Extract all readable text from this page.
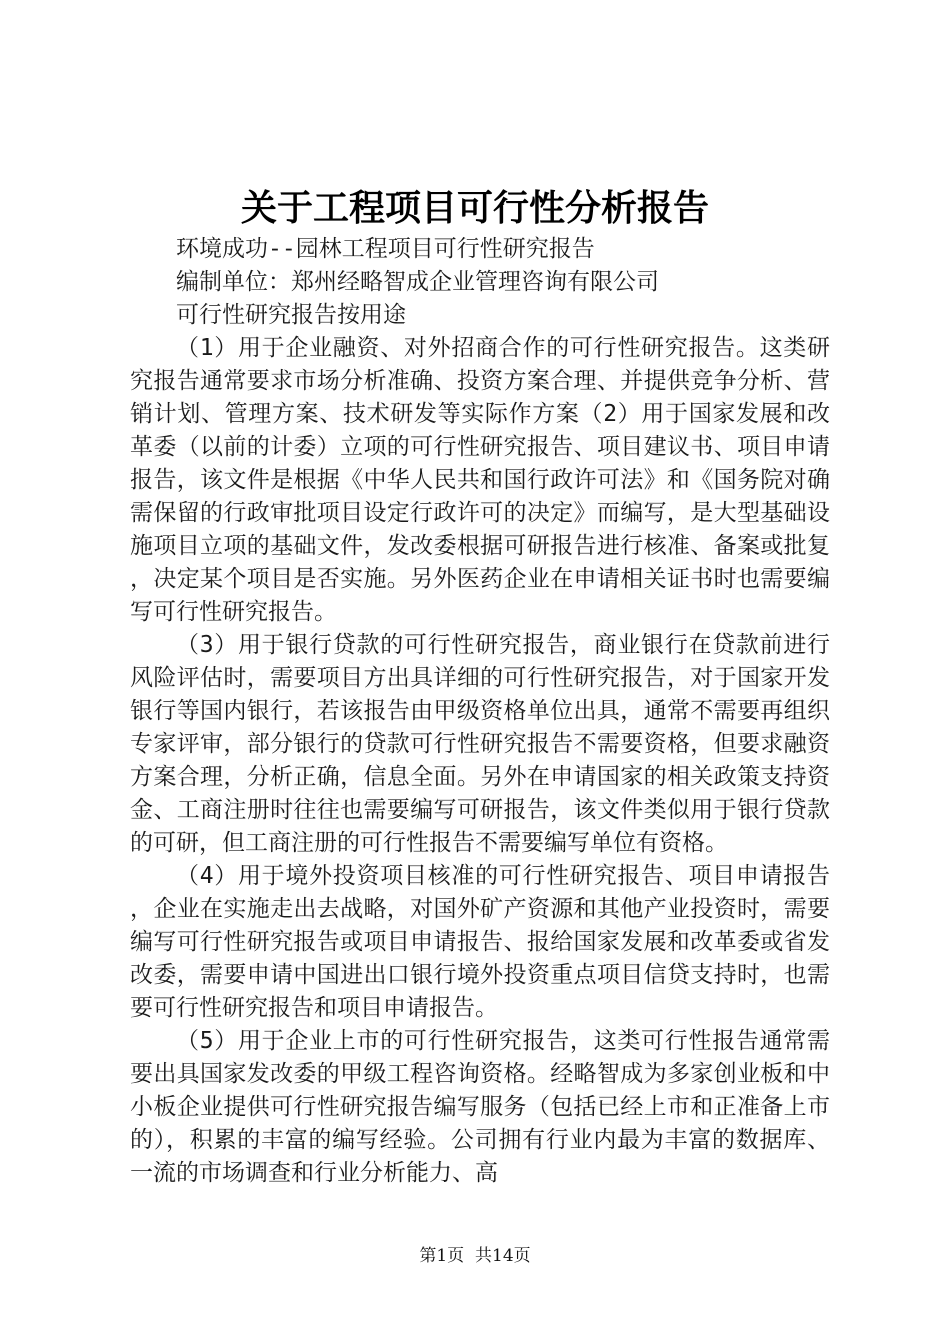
关于工程项目可行性分析报告

环境成功--园林工程项目可行性研究报告

编制单位：郑州经略智成企业管理咨询有限公司

可行性研究报告按用途

（1）用于企业融资、对外招商合作的可行性研究报告。这类研究报告通常要求市场分析准确、投资方案合理、并提供竞争分析、营销计划、管理方案、技术研发等实际作方案（2）用于国家发展和改革委（以前的计委）立项的可行性研究报告、项目建议书、项目申请报告，该文件是根据《中华人民共和国行政许可法》和《国务院对确需保留的行政审批项目设定行政许可的决定》而编写，是大型基础设施项目立项的基础文件，发改委根据可研报告进行核准、备案或批复，决定某个项目是否实施。另外医药企业在申请相关证书时也需要编写可行性研究报告。

（3）用于银行贷款的可行性研究报告，商业银行在贷款前进行风险评估时，需要项目方出具详细的可行性研究报告，对于国家开发银行等国内银行，若该报告由甲级资格单位出具，通常不需要再组织专家评审，部分银行的贷款可行性研究报告不需要资格，但要求融资方案合理，分析正确，信息全面。另外在申请国家的相关政策支持资金、工商注册时往往也需要编写可研报告，该文件类似用于银行贷款的可研，但工商注册的可行性报告不需要编写单位有资格。

（4）用于境外投资项目核准的可行性研究报告、项目申请报告，企业在实施走出去战略，对国外矿产资源和其他产业投资时，需要编写可行性研究报告或项目申请报告、报给国家发展和改革委或省发改委，需要申请中国进出口银行境外投资重点项目信贷支持时，也需要可行性研究报告和项目申请报告。

（5）用于企业上市的可行性研究报告，这类可行性报告通常需要出具国家发改委的甲级工程咨询资格。经略智成为多家创业板和中小板企业提供可行性研究报告编写服务（包括已经上市和正准备上市的），积累的丰富的编写经验。公司拥有行业内最为丰富的数据库、一流的市场调查和行业分析能力、高

第1页 共14页
